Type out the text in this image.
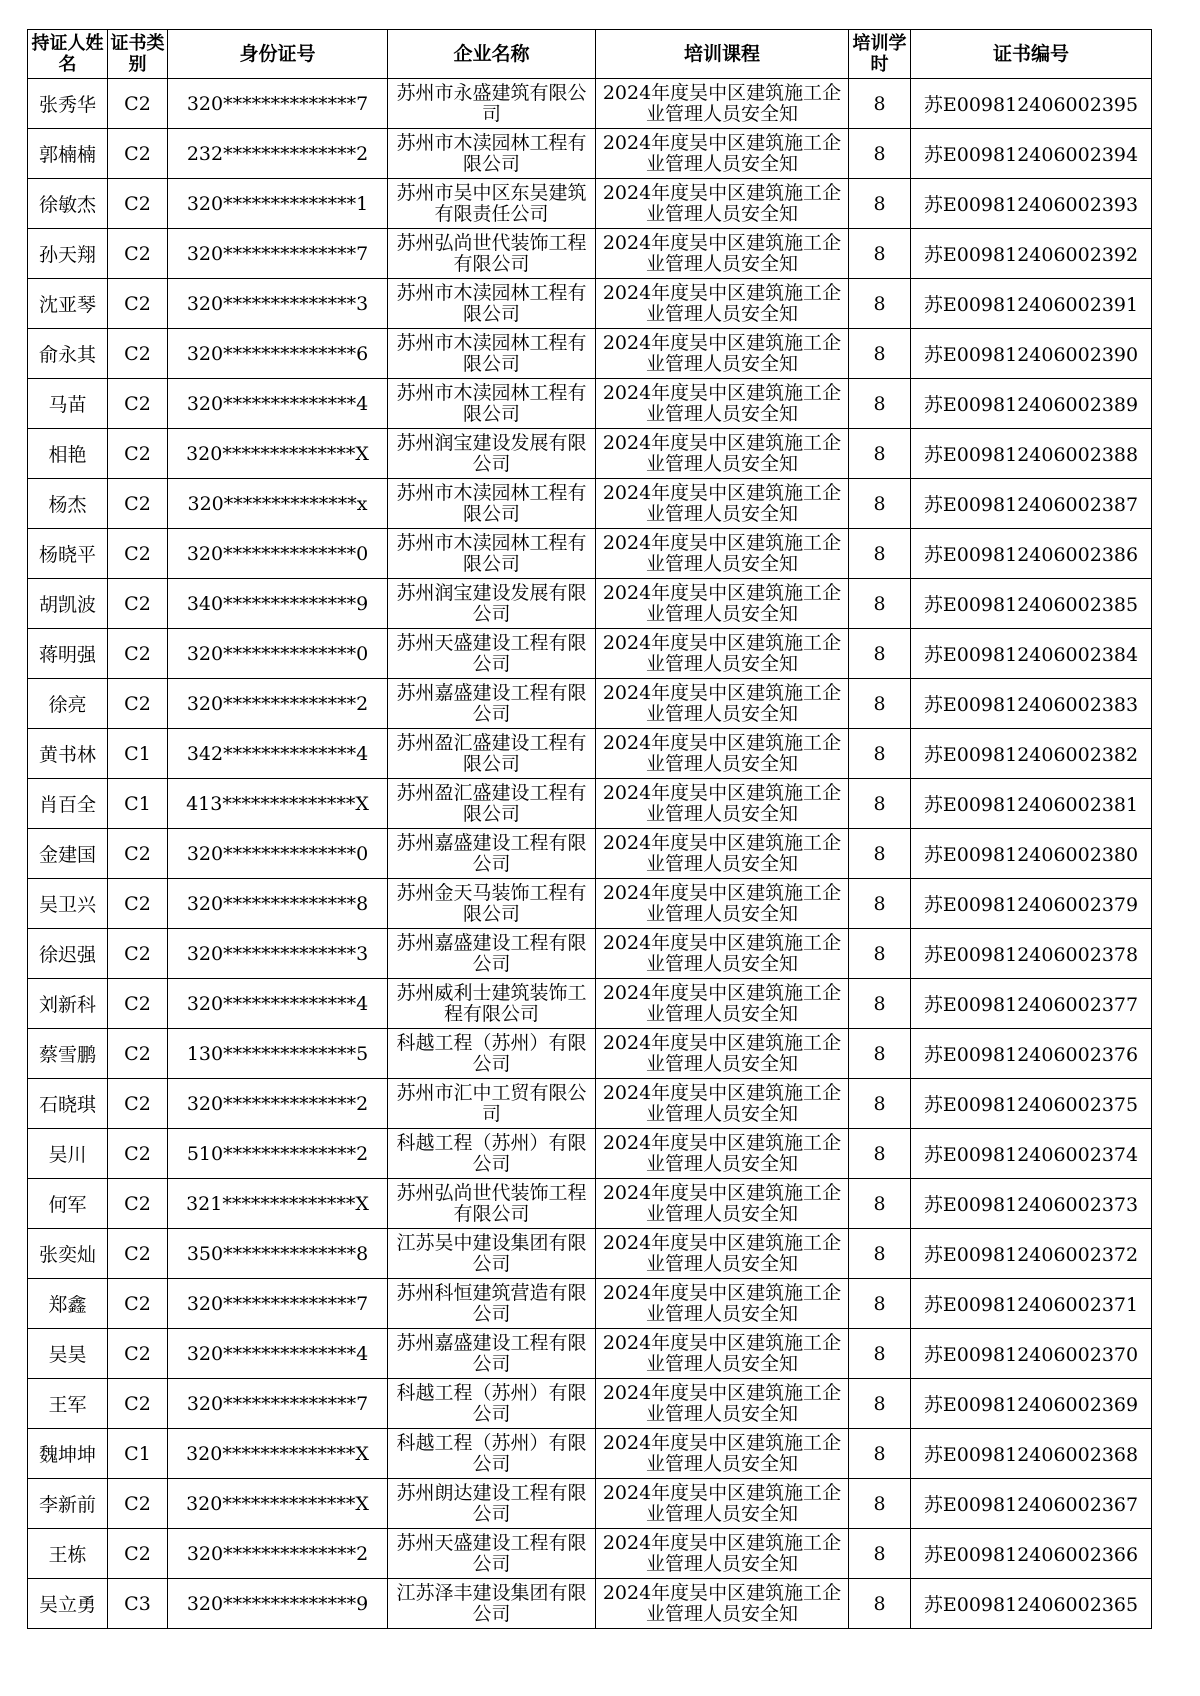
持证人姓名	证书类别	身份证号	企业名称	培训课程	培训学时	证书编号
张秀华	C2	320**************7	苏州市永盛建筑有限公司	2024年度吴中区建筑施工企业管理人员安全知	8	苏E009812406002395
郭楠楠	C2	232**************2	苏州市木渎园林工程有限公司	2024年度吴中区建筑施工企业管理人员安全知	8	苏E009812406002394
徐敏杰	C2	320**************1	苏州市吴中区东吴建筑有限责任公司	2024年度吴中区建筑施工企业管理人员安全知	8	苏E009812406002393
孙天翔	C2	320**************7	苏州弘尚世代装饰工程有限公司	2024年度吴中区建筑施工企业管理人员安全知	8	苏E009812406002392
沈亚琴	C2	320**************3	苏州市木渎园林工程有限公司	2024年度吴中区建筑施工企业管理人员安全知	8	苏E009812406002391
俞永其	C2	320**************6	苏州市木渎园林工程有限公司	2024年度吴中区建筑施工企业管理人员安全知	8	苏E009812406002390
马苗	C2	320**************4	苏州市木渎园林工程有限公司	2024年度吴中区建筑施工企业管理人员安全知	8	苏E009812406002389
相艳	C2	320**************X	苏州润宝建设发展有限公司	2024年度吴中区建筑施工企业管理人员安全知	8	苏E009812406002388
杨杰	C2	320**************x	苏州市木渎园林工程有限公司	2024年度吴中区建筑施工企业管理人员安全知	8	苏E009812406002387
杨晓平	C2	320**************0	苏州市木渎园林工程有限公司	2024年度吴中区建筑施工企业管理人员安全知	8	苏E009812406002386
胡凯波	C2	340**************9	苏州润宝建设发展有限公司	2024年度吴中区建筑施工企业管理人员安全知	8	苏E009812406002385
蒋明强	C2	320**************0	苏州天盛建设工程有限公司	2024年度吴中区建筑施工企业管理人员安全知	8	苏E009812406002384
徐亮	C2	320**************2	苏州嘉盛建设工程有限公司	2024年度吴中区建筑施工企业管理人员安全知	8	苏E009812406002383
黄书林	C1	342**************4	苏州盈汇盛建设工程有限公司	2024年度吴中区建筑施工企业管理人员安全知	8	苏E009812406002382
肖百全	C1	413**************X	苏州盈汇盛建设工程有限公司	2024年度吴中区建筑施工企业管理人员安全知	8	苏E009812406002381
金建国	C2	320**************0	苏州嘉盛建设工程有限公司	2024年度吴中区建筑施工企业管理人员安全知	8	苏E009812406002380
吴卫兴	C2	320**************8	苏州金天马装饰工程有限公司	2024年度吴中区建筑施工企业管理人员安全知	8	苏E009812406002379
徐迟强	C2	320**************3	苏州嘉盛建设工程有限公司	2024年度吴中区建筑施工企业管理人员安全知	8	苏E009812406002378
刘新科	C2	320**************4	苏州威利士建筑装饰工程有限公司	2024年度吴中区建筑施工企业管理人员安全知	8	苏E009812406002377
蔡雪鹏	C2	130**************5	科越工程（苏州）有限公司	2024年度吴中区建筑施工企业管理人员安全知	8	苏E009812406002376
石晓琪	C2	320**************2	苏州市汇中工贸有限公司	2024年度吴中区建筑施工企业管理人员安全知	8	苏E009812406002375
吴川	C2	510**************2	科越工程（苏州）有限公司	2024年度吴中区建筑施工企业管理人员安全知	8	苏E009812406002374
何军	C2	321**************X	苏州弘尚世代装饰工程有限公司	2024年度吴中区建筑施工企业管理人员安全知	8	苏E009812406002373
张奕灿	C2	350**************8	江苏吴中建设集团有限公司	2024年度吴中区建筑施工企业管理人员安全知	8	苏E009812406002372
郑鑫	C2	320**************7	苏州科恒建筑营造有限公司	2024年度吴中区建筑施工企业管理人员安全知	8	苏E009812406002371
吴昊	C2	320**************4	苏州嘉盛建设工程有限公司	2024年度吴中区建筑施工企业管理人员安全知	8	苏E009812406002370
王军	C2	320**************7	科越工程（苏州）有限公司	2024年度吴中区建筑施工企业管理人员安全知	8	苏E009812406002369
魏坤坤	C1	320**************X	科越工程（苏州）有限公司	2024年度吴中区建筑施工企业管理人员安全知	8	苏E009812406002368
李新前	C2	320**************X	苏州朗达建设工程有限公司	2024年度吴中区建筑施工企业管理人员安全知	8	苏E009812406002367
王栋	C2	320**************2	苏州天盛建设工程有限公司	2024年度吴中区建筑施工企业管理人员安全知	8	苏E009812406002366
吴立勇	C3	320**************9	江苏泽丰建设集团有限公司	2024年度吴中区建筑施工企业管理人员安全知	8	苏E009812406002365
